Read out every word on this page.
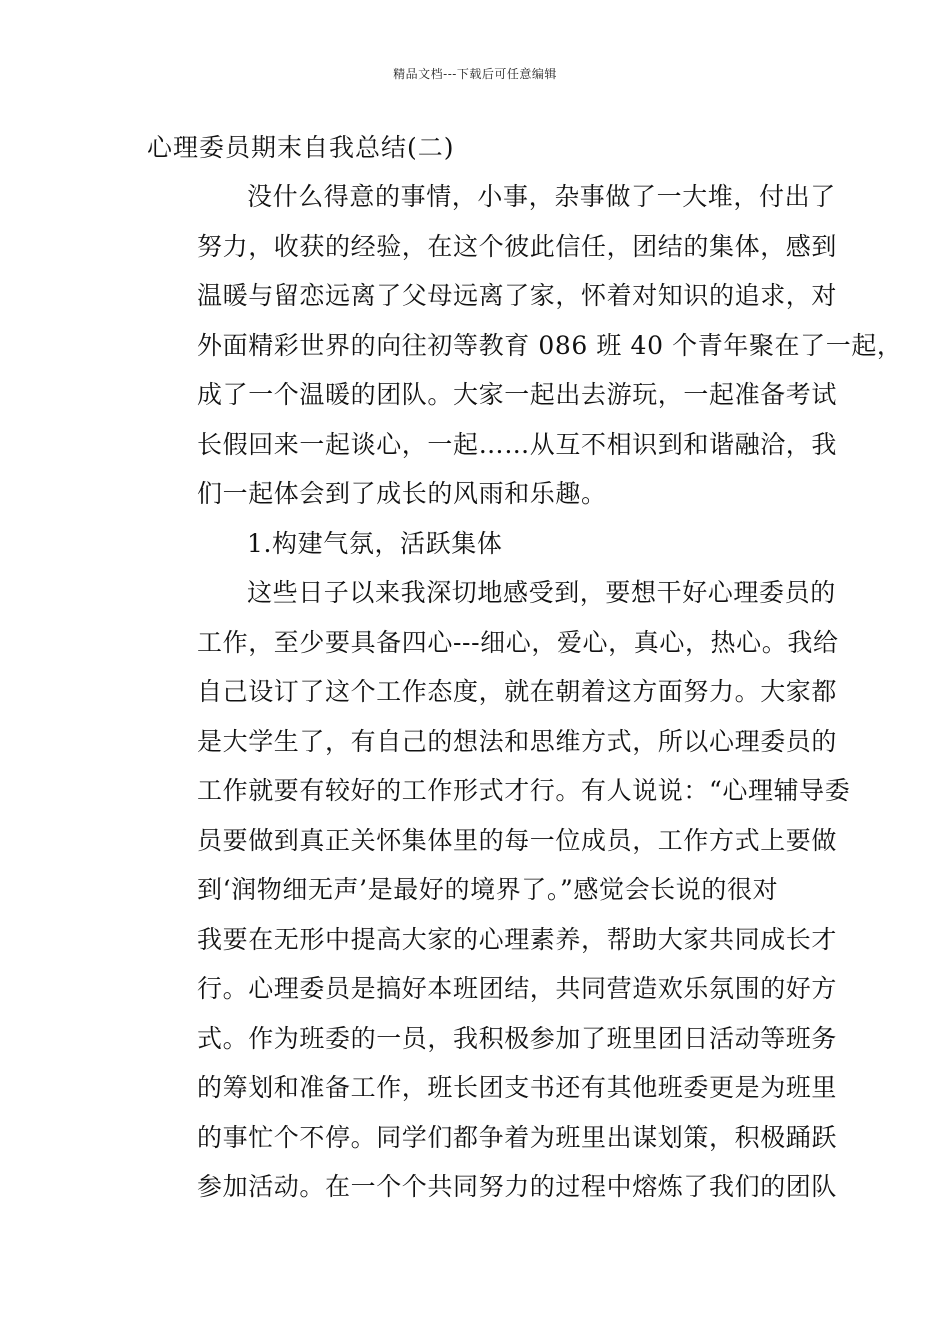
精品文档---下载后可任意编辑
心理委员期末自我总结(二)
没什么得意的事情，小事，杂事做了一大堆，付出了
努力，收获的经验，在这个彼此信任，团结的集体，感到
温暖与留恋远离了父母远离了家，怀着对知识的追求，对
外面精彩世界的向往初等教育 086 班 40 个青年聚在了一起，
成了一个温暖的团队。大家一起出去游玩，一起准备考试
长假回来一起谈心，一起……从互不相识到和谐融洽，我
们一起体会到了成长的风雨和乐趣。
1.构建气氛，活跃集体
这些日子以来我深切地感受到，要想干好心理委员的
工作，至少要具备四心---细心，爱心，真心，热心。我给
自己设订了这个工作态度，就在朝着这方面努力。大家都
是大学生了，有自己的想法和思维方式，所以心理委员的
工作就要有较好的工作形式才行。有人说说：“心理辅导委
员要做到真正关怀集体里的每一位成员，工作方式上要做
到‘润物细无声’是最好的境界了。”感觉会长说的很对
我要在无形中提高大家的心理素养，帮助大家共同成长才
行。心理委员是搞好本班团结，共同营造欢乐氛围的好方
式。作为班委的一员，我积极参加了班里团日活动等班务
的筹划和准备工作，班长团支书还有其他班委更是为班里
的事忙个不停。同学们都争着为班里出谋划策，积极踊跃
参加活动。在一个个共同努力的过程中熔炼了我们的团队
